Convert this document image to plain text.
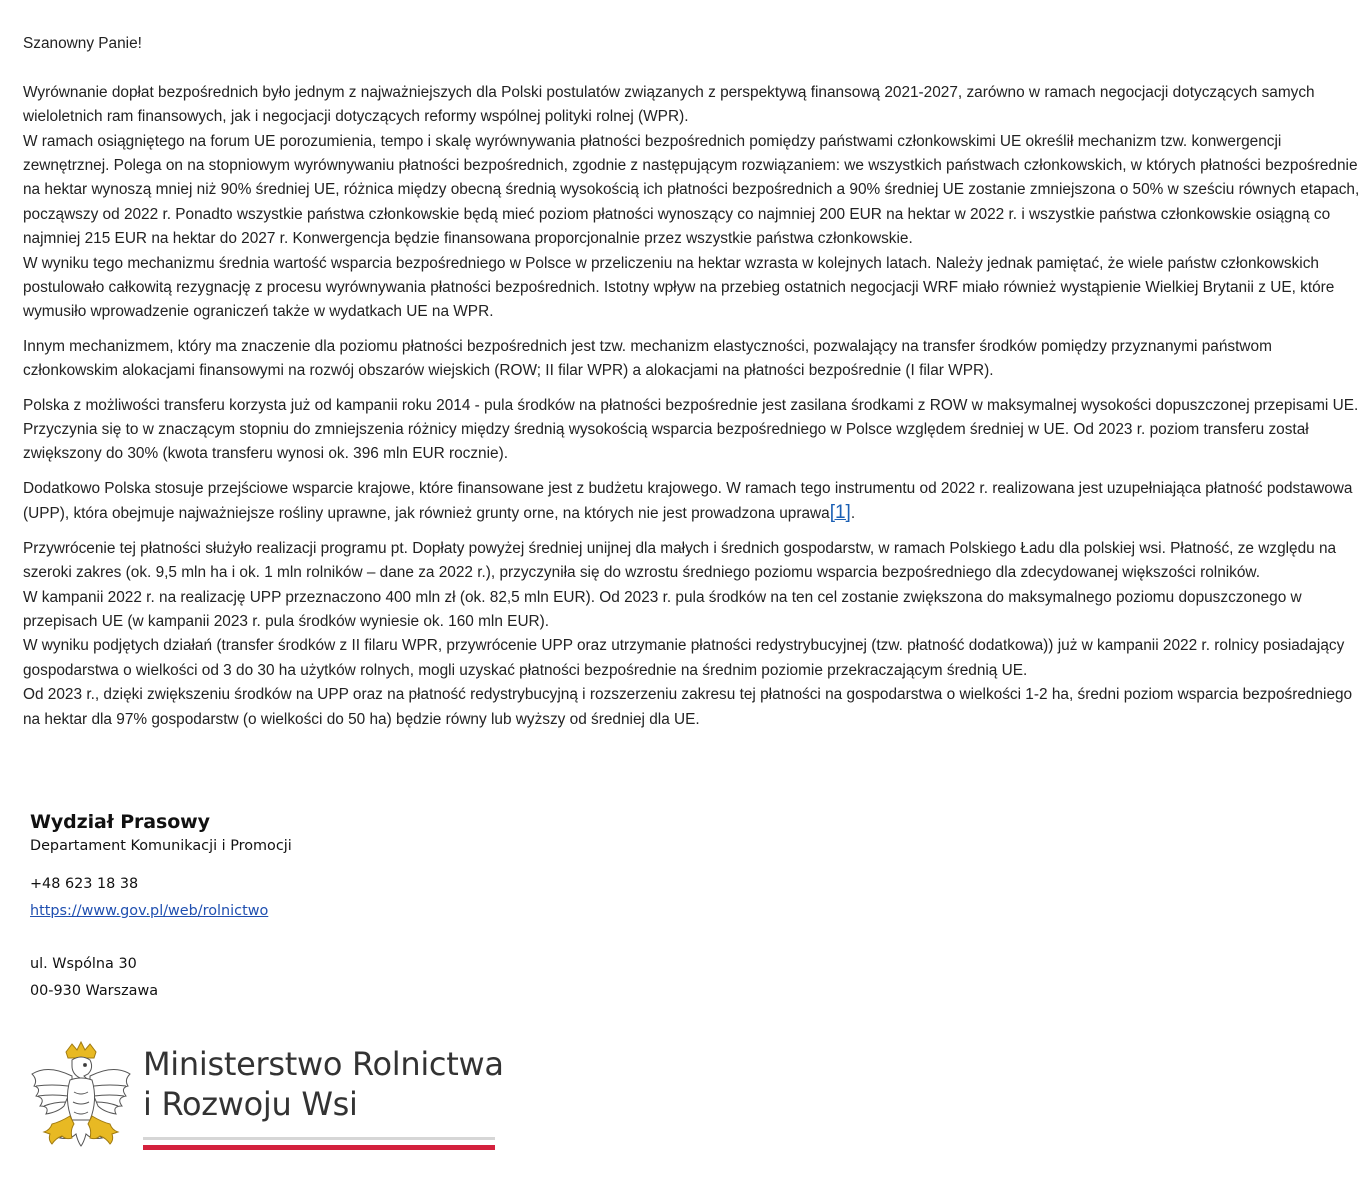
Szanowny Panie!

Wyrównanie dopłat bezpośrednich było jednym z najważniejszych dla Polski postulatów związanych z perspektywą finansową 2021-2027, zarówno w ramach negocjacji dotyczących samych wieloletnich ram finansowych, jak i negocjacji dotyczących reformy wspólnej polityki rolnej (WPR).

W ramach osiągniętego na forum UE porozumienia, tempo i skalę wyrównywania płatności bezpośrednich pomiędzy państwami członkowskimi UE określił mechanizm tzw. konwergencji zewnętrznej. Polega on na stopniowym wyrównywaniu płatności bezpośrednich, zgodnie z następującym rozwiązaniem: we wszystkich państwach członkowskich, w których płatności bezpośrednie na hektar wynoszą mniej niż 90% średniej UE, różnica między obecną średnią wysokością ich płatności bezpośrednich a 90% średniej UE zostanie zmniejszona o 50% w sześciu równych etapach, począwszy od 2022 r. Ponadto wszystkie państwa członkowskie będą mieć poziom płatności wynoszący co najmniej 200 EUR na hektar w 2022 r. i wszystkie państwa członkowskie osiągną co najmniej 215 EUR na hektar do 2027 r. Konwergencja będzie finansowana proporcjonalnie przez wszystkie państwa członkowskie.

W wyniku tego mechanizmu średnia wartość wsparcia bezpośredniego w Polsce w przeliczeniu na hektar wzrasta w kolejnych latach. Należy jednak pamiętać, że wiele państw członkowskich postulowało całkowitą rezygnację z procesu wyrównywania płatności bezpośrednich. Istotny wpływ na przebieg ostatnich negocjacji WRF miało również wystąpienie Wielkiej Brytanii z UE, które wymusiło wprowadzenie ograniczeń także w wydatkach UE na WPR.

Innym mechanizmem, który ma znaczenie dla poziomu płatności bezpośrednich jest tzw. mechanizm elastyczności, pozwalający na transfer środków pomiędzy przyznanymi państwom członkowskim alokacjami finansowymi na rozwój obszarów wiejskich (ROW; II filar WPR) a alokacjami na płatności bezpośrednie (I filar WPR).

Polska z możliwości transferu korzysta już od kampanii roku 2014 - pula środków na płatności bezpośrednie jest zasilana środkami z ROW w maksymalnej wysokości dopuszczonej przepisami UE. Przyczynia się to w znaczącym stopniu do zmniejszenia różnicy między średnią wysokością wsparcia bezpośredniego w Polsce względem średniej w UE. Od 2023 r. poziom transferu został zwiększony do 30% (kwota transferu wynosi ok. 396 mln EUR rocznie).

Dodatkowo Polska stosuje przejściowe wsparcie krajowe, które finansowane jest z budżetu krajowego. W ramach tego instrumentu od 2022 r. realizowana jest uzupełniająca płatność podstawowa (UPP), która obejmuje najważniejsze rośliny uprawne, jak również grunty orne, na których nie jest prowadzona uprawa[1].

Przywrócenie tej płatności służyło realizacji programu pt. Dopłaty powyżej średniej unijnej dla małych i średnich gospodarstw, w ramach Polskiego Ładu dla polskiej wsi. Płatność, ze względu na szeroki zakres (ok. 9,5 mln ha i ok. 1 mln rolników – dane za 2022 r.), przyczyniła się do wzrostu średniego poziomu wsparcia bezpośredniego dla zdecydowanej większości rolników.

W kampanii 2022 r. na realizację UPP przeznaczono 400 mln zł (ok. 82,5 mln EUR). Od 2023 r. pula środków na ten cel zostanie zwiększona do maksymalnego poziomu dopuszczonego w przepisach UE (w kampanii 2023 r. pula środków wyniesie ok. 160 mln EUR).

W wyniku podjętych działań (transfer środków z II filaru WPR, przywrócenie UPP oraz utrzymanie płatności redystrybucyjnej (tzw. płatność dodatkowa)) już w kampanii 2022 r. rolnicy posiadający gospodarstwa o wielkości od 3 do 30 ha użytków rolnych, mogli uzyskać płatności bezpośrednie na średnim poziomie przekraczającym średnią UE.

Od 2023 r., dzięki zwiększeniu środków na UPP oraz na płatność redystrybucyjną i rozszerzeniu zakresu tej płatności na gospodarstwa o wielkości 1-2 ha, średni poziom wsparcia bezpośredniego na hektar dla 97% gospodarstw (o wielkości do 50 ha) będzie równy lub wyższy od średniej dla UE.

Wydział Prasowy
Departament Komunikacji i Promocji
+48 623 18 38
https://www.gov.pl/web/rolnictwo
ul. Wspólna 30
00-930 Warszawa
Ministerstwo Rolnictwa
i Rozwoju Wsi
